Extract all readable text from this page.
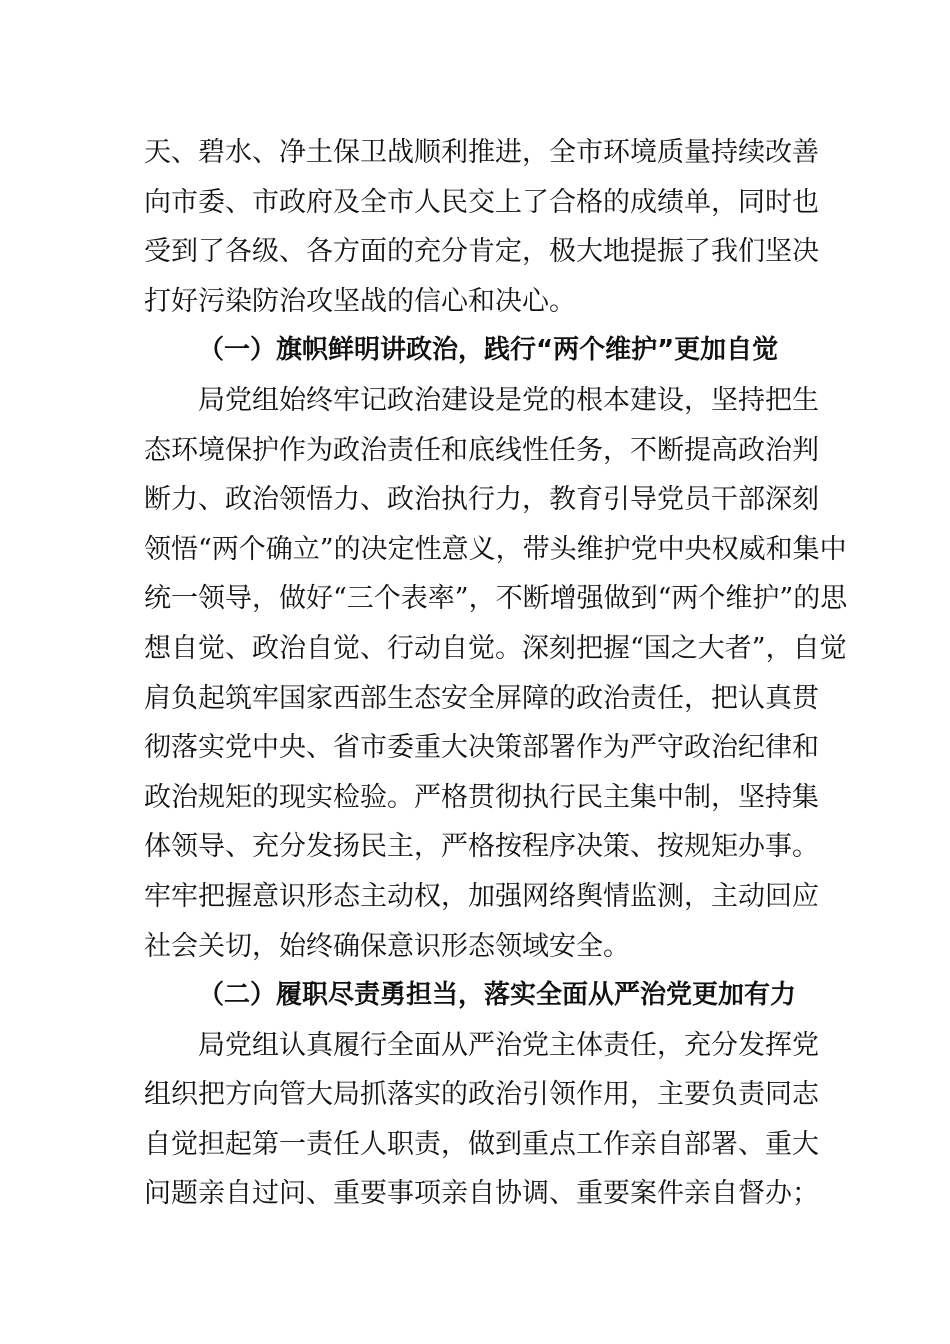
天、碧水、净土保卫战顺利推进，全市环境质量持续改善
向市委、市政府及全市人民交上了合格的成绩单，同时也
受到了各级、各方面的充分肯定，极大地提振了我们坚决
打好污染防治攻坚战的信心和决心。
（一）旗帜鲜明讲政治，践行“两个维护”更加自觉
局党组始终牢记政治建设是党的根本建设，坚持把生
态环境保护作为政治责任和底线性任务，不断提高政治判
断力、政治领悟力、政治执行力，教育引导党员干部深刻
领悟“两个确立”的决定性意义，带头维护党中央权威和集中
统一领导，做好“三个表率”，不断增强做到“两个维护”的思
想自觉、政治自觉、行动自觉。深刻把握“国之大者”，自觉
肩负起筑牢国家西部生态安全屏障的政治责任，把认真贯
彻落实党中央、省市委重大决策部署作为严守政治纪律和
政治规矩的现实检验。严格贯彻执行民主集中制，坚持集
体领导、充分发扬民主，严格按程序决策、按规矩办事。
牢牢把握意识形态主动权，加强网络舆情监测，主动回应
社会关切，始终确保意识形态领域安全。
（二）履职尽责勇担当，落实全面从严治党更加有力
局党组认真履行全面从严治党主体责任，充分发挥党
组织把方向管大局抓落实的政治引领作用，主要负责同志
自觉担起第一责任人职责，做到重点工作亲自部署、重大
问题亲自过问、重要事项亲自协调、重要案件亲自督办；
